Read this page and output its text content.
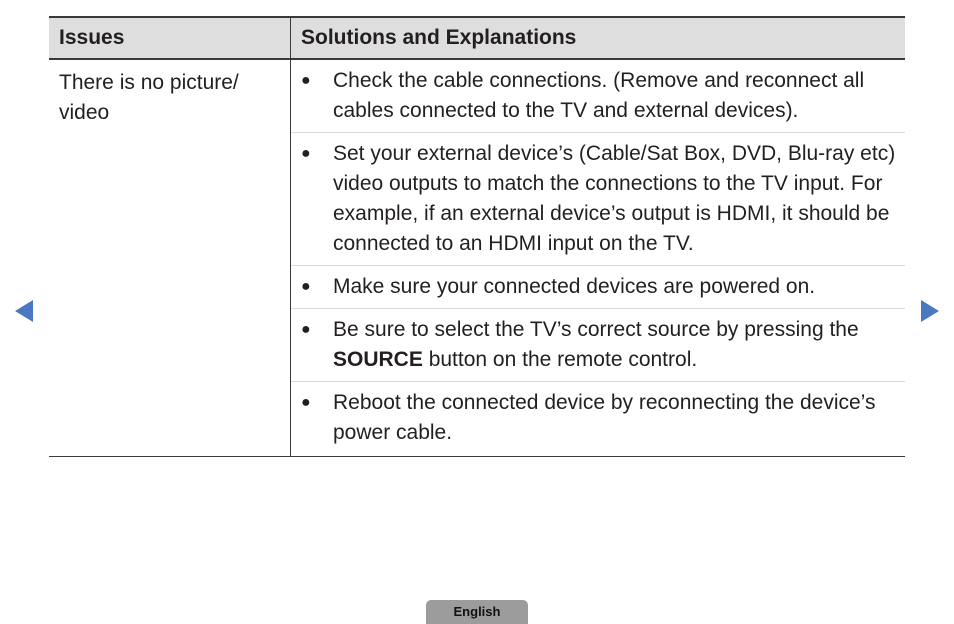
Issues	Solutions and Explanations
There is no picture/ video
●	Check the cable connections. (Remove and reconnect all cables connected to the TV and external devices).
●	Set your external device’s (Cable/Sat Box, DVD, Blu-ray etc) video outputs to match the connections to the TV input. For example, if an external device’s output is HDMI, it should be connected to an HDMI input on the TV.
●	Make sure your connected devices are powered on.
●	Be sure to select the TV’s correct source by pressing the SOURCE button on the remote control.
●	Reboot the connected device by reconnecting the device’s power cable.
English
